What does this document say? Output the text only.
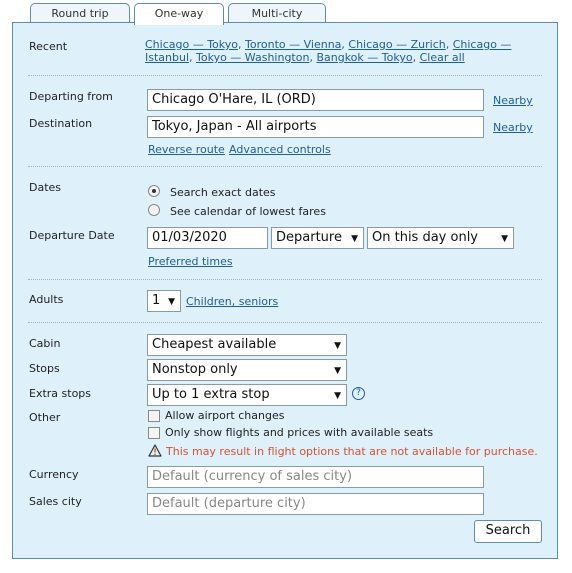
Round trip	One-way	Multi-city
Recent	Chicago — Tokyo, Toronto — Vienna, Chicago — Zurich, Chicago — Istanbul, Tokyo — Washington, Bangkok — Tokyo, Clear all
Departing from	Chicago O'Hare, IL (ORD)	Nearby
Destination	Tokyo, Japan - All airports	Nearby
Reverse route Advanced controls
Dates	Search exact dates
See calendar of lowest fares
Departure Date	01/03/2020	Departure ▼	On this day only	▼
Preferred times
Adults	1 ▼ Children, seniors
Cabin	Cheapest available	▼
Stops	Nonstop only	▼
Extra stops	Up to 1 extra stop	▼	?
Other	Allow airport changes
Only show flights and prices with available seats
This may result in flight options that are not available for purchase.
Currency	Default (currency of sales city)
Sales city	Default (departure city)
Search
